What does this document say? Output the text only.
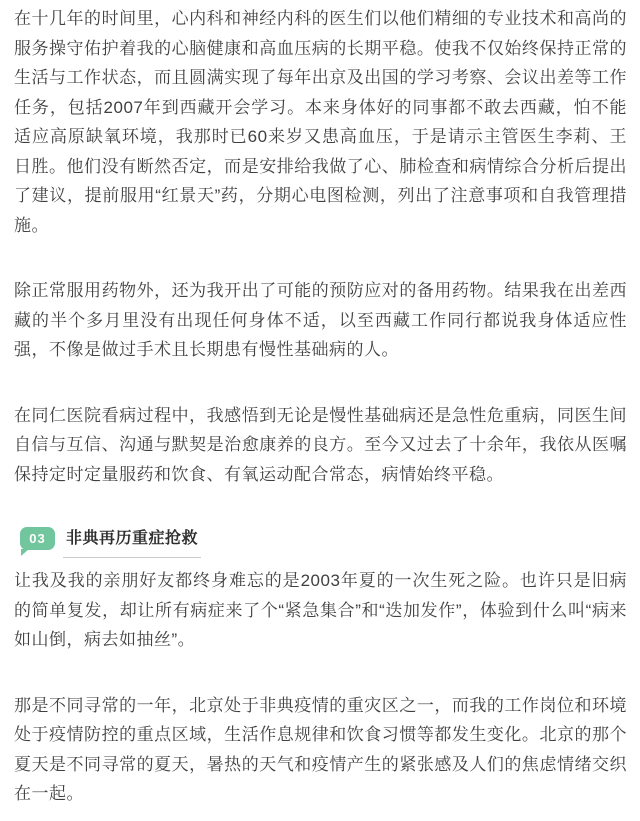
在十几年的时间里，心内科和神经内科的医生们以他们精细的专业技术和高尚的服务操守佑护着我的心脑健康和高血压病的长期平稳。使我不仅始终保持正常的生活与工作状态，而且圆满实现了每年出京及出国的学习考察、会议出差等工作任务，包括2007年到西藏开会学习。本来身体好的同事都不敢去西藏，怕不能适应高原缺氧环境，我那时已60来岁又患高血压，于是请示主管医生李莉、王日胜。他们没有断然否定，而是安排给我做了心、肺检查和病情综合分析后提出了建议，提前服用“红景天”药，分期心电图检测，列出了注意事项和自我管理措施。

除正常服用药物外，还为我开出了可能的预防应对的备用药物。结果我在出差西藏的半个多月里没有出现任何身体不适，以至西藏工作同行都说我身体适应性强，不像是做过手术且长期患有慢性基础病的人。

在同仁医院看病过程中，我感悟到无论是慢性基础病还是急性危重病，同医生间自信与互信、沟通与默契是治愈康养的良方。至今又过去了十余年，我依从医嘱保持定时定量服药和饮食、有氧运动配合常态，病情始终平稳。

03	非典再历重症抢救

让我及我的亲朋好友都终身难忘的是2003年夏的一次生死之险。也许只是旧病的简单复发，却让所有病症来了个“紧急集合”和“迭加发作”，体验到什么叫“病来如山倒，病去如抽丝”。

那是不同寻常的一年，北京处于非典疫情的重灾区之一，而我的工作岗位和环境处于疫情防控的重点区域，生活作息规律和饮食习惯等都发生变化。北京的那个夏天是不同寻常的夏天，暑热的天气和疫情产生的紧张感及人们的焦虑情绪交织在一起。
